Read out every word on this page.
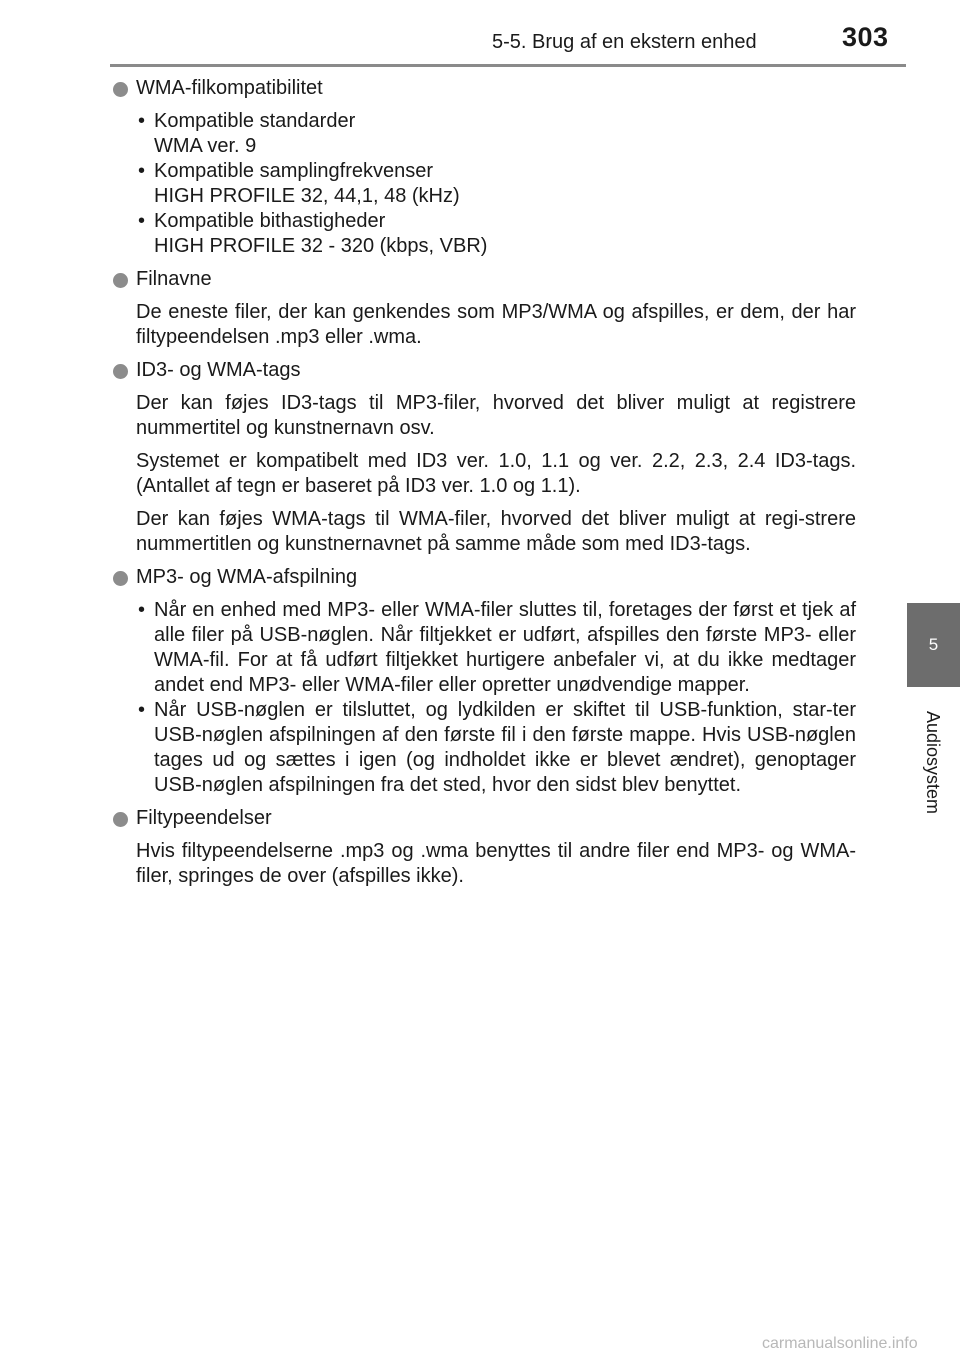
5-5. Brug af en ekstern enhed	303
5
Audiosystem
WMA-filkompatibilitet
• Kompatible standarder
WMA ver. 9
• Kompatible samplingfrekvenser
HIGH PROFILE 32, 44,1, 48 (kHz)
• Kompatible bithastigheder
HIGH PROFILE 32 - 320 (kbps, VBR)
Filnavne

De eneste filer, der kan genkendes som MP3/WMA og afspilles, er dem, der har filtypeendelsen .mp3 eller .wma.

ID3- og WMA-tags

Der kan føjes ID3-tags til MP3-filer, hvorved det bliver muligt at registrere nummertitel og kunstnernavn osv.

Systemet er kompatibelt med ID3 ver. 1.0, 1.1 og ver. 2.2, 2.3, 2.4 ID3-tags. (Antallet af tegn er baseret på ID3 ver. 1.0 og 1.1).

Der kan føjes WMA-tags til WMA-filer, hvorved det bliver muligt at regi-strere nummertitlen og kunstnernavnet på samme måde som med ID3-tags.

MP3- og WMA-afspilning
• Når en enhed med MP3- eller WMA-filer sluttes til, foretages der først et tjek af alle filer på USB-nøglen. Når filtjekket er udført, afspilles den første MP3- eller WMA-fil. For at få udført filtjekket hurtigere anbefaler vi, at du ikke medtager andet end MP3- eller WMA-filer eller opretter unødvendige mapper.
• Når USB-nøglen er tilsluttet, og lydkilden er skiftet til USB-funktion, star-ter USB-nøglen afspilningen af den første fil i den første mappe. Hvis USB-nøglen tages ud og sættes i igen (og indholdet ikke er blevet ændret), genoptager USB-nøglen afspilningen fra det sted, hvor den sidst blev benyttet.
Filtypeendelser

Hvis filtypeendelserne .mp3 og .wma benyttes til andre filer end MP3- og WMA-filer, springes de over (afspilles ikke).

carmanualsonline.info
